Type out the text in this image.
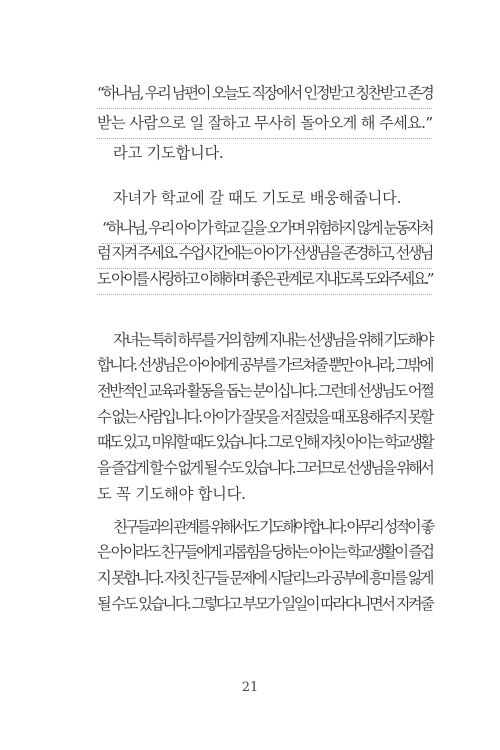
“하나님, 우리 남편이 오늘도 직장에서 인정받고 칭찬받고 존경
받는 사람으로 일 잘하고 무사히 돌아오게 해 주세요.”
라고 기도합니다.
자녀가 학교에 갈 때도 기도로 배웅해줍니다.
“하나님, 우리 아이가 학교 길을 오가며 위험하지 않게 눈동자처
럼 지켜 주세요. 수업시간에는 아이가 선생님을 존경하고, 선생님
도 아이를 사랑하고 이해하며 좋은 관계로 지내도록 도와주세요.”
자녀는 특히 하루를 거의 함께 지내는 선생님을 위해 기도해야
합니다. 선생님은 아이에게 공부를 가르쳐줄 뿐만 아니라, 그밖에
전반적인 교육과 활동을 돕는 분이십니다. 그런데 선생님도 어쩔
수 없는 사람입니다. 아이가 잘못을 저질렀을 때 포용해주지 못할
때도 있고, 미워할 때도 있습니다. 그로 인해 자칫 아이는 학교생활
을 즐겁게 할 수 없게 될 수도 있습니다. 그러므로 선생님을 위해서
도 꼭 기도해야 합니다.
친구들과의 관계를 위해서도 기도해야 합니다. 아무리 성적이 좋
은 아이라도 친구들에게 괴롭힘을 당하는 아이는 학교생활이 즐겁
지 못합니다. 자칫 친구들 문제에 시달리느라 공부에 흥미를 잃게
될 수도 있습니다. 그렇다고 부모가 일일이 따라다니면서 지켜줄
21
